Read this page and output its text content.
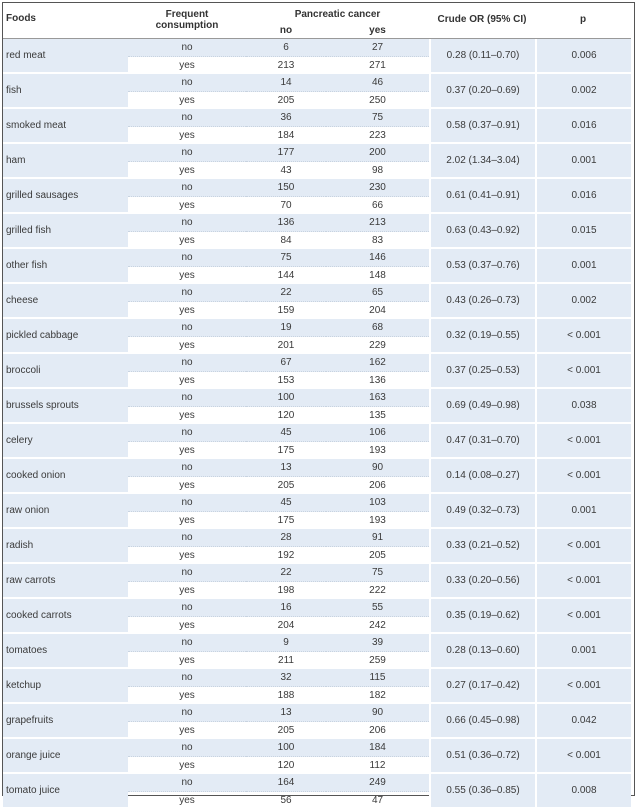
Foods	Frequent
consumption	Pancreatic cancer		Crude OR (95% CI)	p
		no	yes		
red meat	no	6	27	0.28 (0.11–0.70)	0.006
	yes	213	271		
fish	no	14	46	0.37 (0.20–0.69)	0.002
	yes	205	250		
smoked meat	no	36	75	0.58 (0.37–0.91)	0.016
	yes	184	223		
ham	no	177	200	2.02 (1.34–3.04)	0.001
	yes	43	98		
grilled sausages	no	150	230	0.61 (0.41–0.91)	0.016
	yes	70	66		
grilled fish	no	136	213	0.63 (0.43–0.92)	0.015
	yes	84	83		
other fish	no	75	146	0.53 (0.37–0.76)	0.001
	yes	144	148		
cheese	no	22	65	0.43 (0.26–0.73)	0.002
	yes	159	204		
pickled cabbage	no	19	68	0.32 (0.19–0.55)	< 0.001
	yes	201	229		
broccoli	no	67	162	0.37 (0.25–0.53)	< 0.001
	yes	153	136		
brussels sprouts	no	100	163	0.69 (0.49–0.98)	0.038
	yes	120	135		
celery	no	45	106	0.47 (0.31–0.70)	< 0.001
	yes	175	193		
cooked onion	no	13	90	0.14 (0.08–0.27)	< 0.001
	yes	205	206		
raw onion	no	45	103	0.49 (0.32–0.73)	0.001
	yes	175	193		
radish	no	28	91	0.33 (0.21–0.52)	< 0.001
	yes	192	205		
raw carrots	no	22	75	0.33 (0.20–0.56)	< 0.001
	yes	198	222		
cooked carrots	no	16	55	0.35 (0.19–0.62)	< 0.001
	yes	204	242		
tomatoes	no	9	39	0.28 (0.13–0.60)	0.001
	yes	211	259		
ketchup	no	32	115	0.27 (0.17–0.42)	< 0.001
	yes	188	182		
grapefruits	no	13	90	0.66 (0.45–0.98)	0.042
	yes	205	206		
orange juice	no	100	184	0.51 (0.36–0.72)	< 0.001
	yes	120	112		
tomato juice	no	164	249	0.55 (0.36–0.85)	0.008
	yes	56	47		
